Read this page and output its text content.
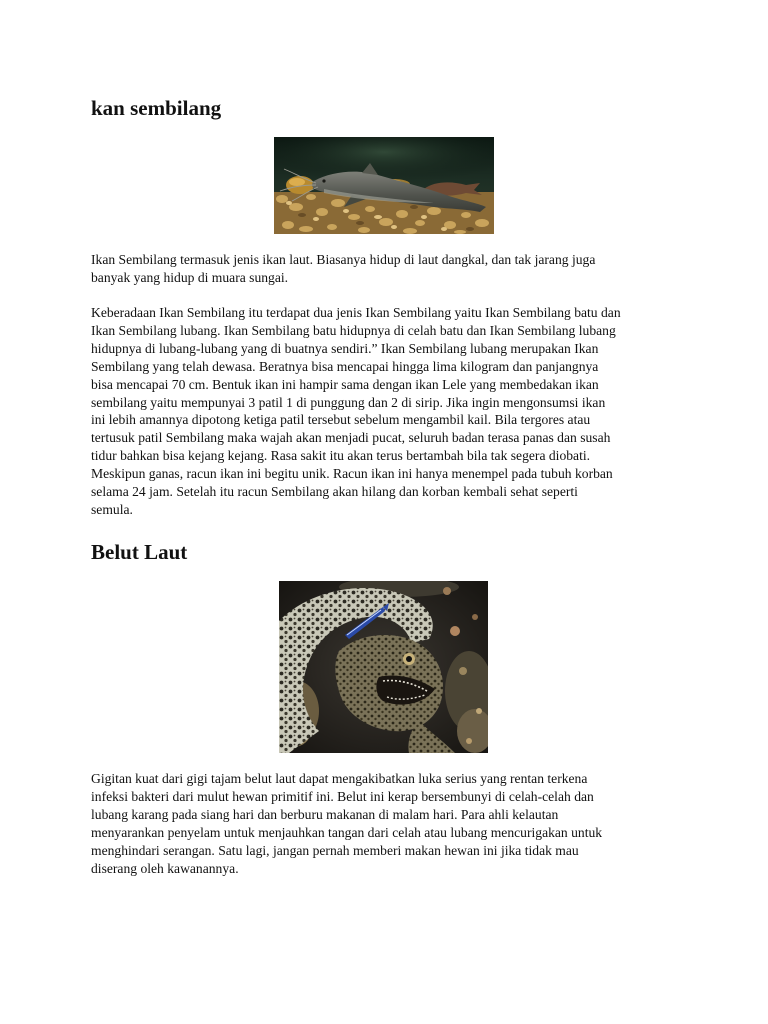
kan sembilang

Ikan Sembilang termasuk jenis ikan laut. Biasanya hidup di laut dangkal, dan tak jarang juga
banyak yang hidup di muara sungai.

Keberadaan Ikan Sembilang itu terdapat dua jenis Ikan Sembilang yaitu Ikan Sembilang batu dan
Ikan Sembilang lubang. Ikan Sembilang batu hidupnya di celah batu dan Ikan Sembilang lubang
hidupnya di lubang-lubang yang di buatnya sendiri.” Ikan Sembilang lubang merupakan Ikan
Sembilang yang telah dewasa. Beratnya bisa mencapai hingga lima kilogram dan panjangnya
bisa mencapai 70 cm. Bentuk ikan ini hampir sama dengan ikan Lele yang membedakan ikan
sembilang yaitu mempunyai 3 patil 1 di punggung dan 2 di sirip. Jika ingin mengonsumsi ikan
ini lebih amannya dipotong ketiga patil tersebut sebelum mengambil kail. Bila tergores atau
tertusuk patil Sembilang maka wajah akan menjadi pucat, seluruh badan terasa panas dan susah
tidur bahkan bisa kejang kejang. Rasa sakit itu akan terus bertambah bila tak segera diobati.
Meskipun ganas, racun ikan ini begitu unik. Racun ikan ini hanya menempel pada tubuh korban
selama 24 jam. Setelah itu racun Sembilang akan hilang dan korban kembali sehat seperti
semula.

Belut Laut

Gigitan kuat dari gigi tajam belut laut dapat mengakibatkan luka serius yang rentan terkena
infeksi bakteri dari mulut hewan primitif ini. Belut ini kerap bersembunyi di celah-celah dan
lubang karang pada siang hari dan berburu makanan di malam hari. Para ahli kelautan
menyarankan penyelam untuk menjauhkan tangan dari celah atau lubang mencurigakan untuk
menghindari serangan. Satu lagi, jangan pernah memberi makan hewan ini jika tidak mau
diserang oleh kawanannya.
